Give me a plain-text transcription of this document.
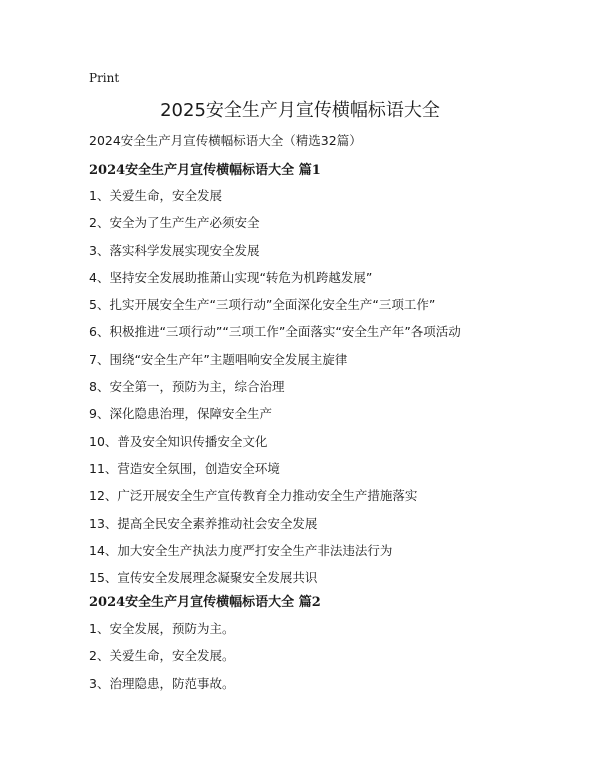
Print
2025安全生产月宣传横幅标语大全
2024安全生产月宣传横幅标语大全（精选32篇）
2024安全生产月宣传横幅标语大全 篇1
1、关爱生命，安全发展
2、安全为了生产生产必须安全
3、落实科学发展实现安全发展
4、坚持安全发展助推萧山实现“转危为机跨越发展”
5、扎实开展安全生产“三项行动”全面深化安全生产“三项工作”
6、积极推进“三项行动”“三项工作”全面落实“安全生产年”各项活动
7、围绕“安全生产年”主题唱响安全发展主旋律
8、安全第一，预防为主，综合治理
9、深化隐患治理，保障安全生产
10、普及安全知识传播安全文化
11、营造安全氛围，创造安全环境
12、广泛开展安全生产宣传教育全力推动安全生产措施落实
13、提高全民安全素养推动社会安全发展
14、加大安全生产执法力度严打安全生产非法违法行为
15、宣传安全发展理念凝聚安全发展共识
2024安全生产月宣传横幅标语大全 篇2
1、安全发展，预防为主。
2、关爱生命，安全发展。
3、治理隐患，防范事故。
